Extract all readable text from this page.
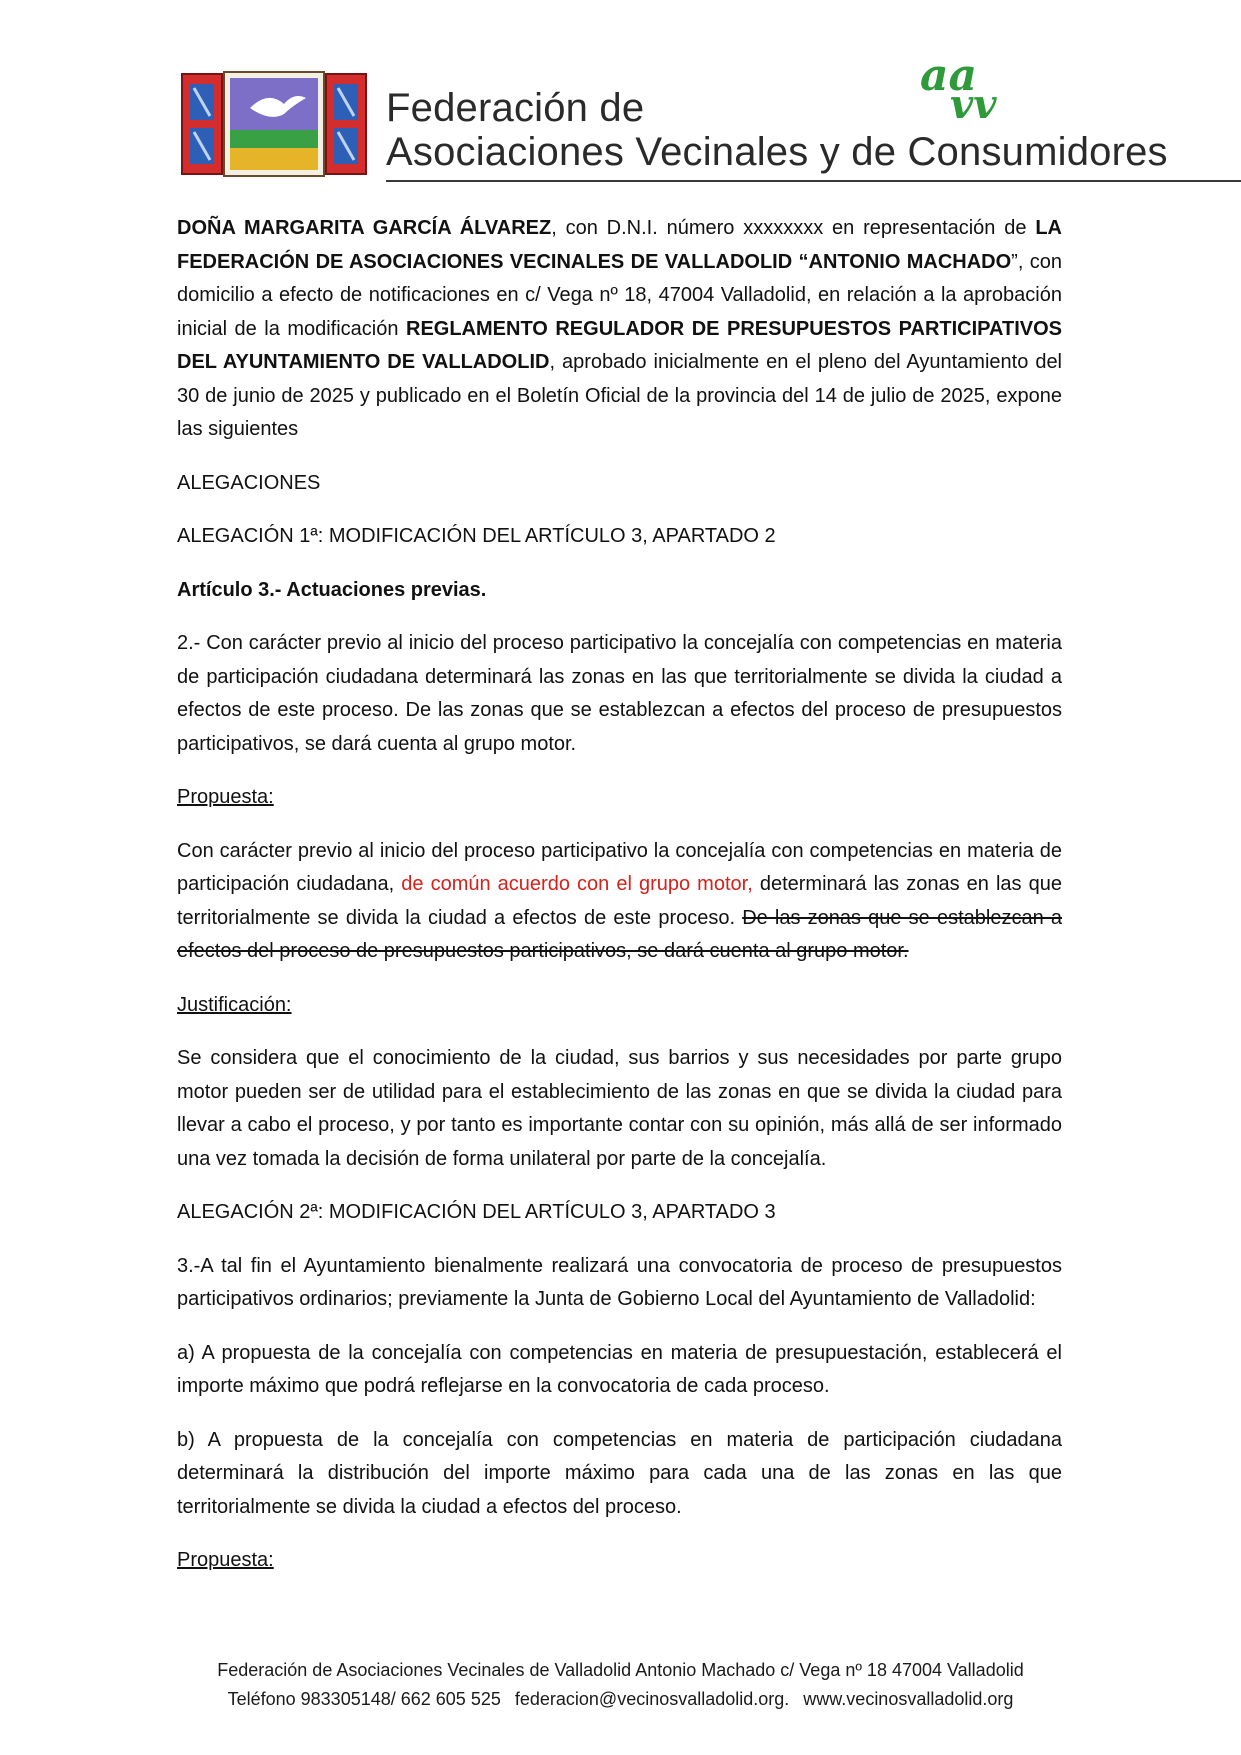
Federación de
Asociaciones Vecinales y de Consumidores
aa
vv

DOÑA MARGARITA GARCÍA ÁLVAREZ, con D.N.I. número xxxxxxxx en representación de LA FEDERACIÓN DE ASOCIACIONES VECINALES DE VALLADOLID “ANTONIO MACHADO”, con domicilio a efecto de notificaciones en c/ Vega nº 18, 47004 Valladolid, en relación a la aprobación inicial de la modificación REGLAMENTO REGULADOR DE PRESUPUESTOS PARTICIPATIVOS DEL AYUNTAMIENTO DE VALLADOLID, aprobado inicialmente en el pleno del Ayuntamiento del 30 de junio de 2025 y publicado en el Boletín Oficial de la provincia del 14 de julio de 2025, expone las siguientes

ALEGACIONES

ALEGACIÓN 1ª: MODIFICACIÓN DEL ARTÍCULO 3, APARTADO 2

Artículo 3.- Actuaciones previas.

2.- Con carácter previo al inicio del proceso participativo la concejalía con competencias en materia de participación ciudadana determinará las zonas en las que territorialmente se divida la ciudad a efectos de este proceso. De las zonas que se establezcan a efectos del proceso de presupuestos participativos, se dará cuenta al grupo motor.

Propuesta:

Con carácter previo al inicio del proceso participativo la concejalía con competencias en materia de participación ciudadana, de común acuerdo con el grupo motor, determinará las zonas en las que territorialmente se divida la ciudad a efectos de este proceso. De las zonas que se establezcan a efectos del proceso de presupuestos participativos, se dará cuenta al grupo motor.

Justificación:

Se considera que el conocimiento de la ciudad, sus barrios y sus necesidades por parte grupo motor pueden ser de utilidad para el establecimiento de las zonas en que se divida la ciudad para llevar a cabo el proceso, y por tanto es importante contar con su opinión, más allá de ser informado una vez tomada la decisión de forma unilateral por parte de la concejalía.

ALEGACIÓN 2ª: MODIFICACIÓN DEL ARTÍCULO 3, APARTADO 3

3.-A tal fin el Ayuntamiento bienalmente realizará una convocatoria de proceso de presupuestos participativos ordinarios; previamente la Junta de Gobierno Local del Ayuntamiento de Valladolid:

a) A propuesta de la concejalía con competencias en materia de presupuestación, establecerá el importe máximo que podrá reflejarse en la convocatoria de cada proceso.

b) A propuesta de la concejalía con competencias en materia de participación ciudadana determinará la distribución del importe máximo para cada una de las zonas en las que territorialmente se divida la ciudad a efectos del proceso.

Propuesta:

Federación de Asociaciones Vecinales de Valladolid Antonio Machado c/ Vega nº 18 47004 Valladolid
Teléfono 983305148/ 662 605 525 federacion@vecinosvalladolid.org. www.vecinosvalladolid.org
